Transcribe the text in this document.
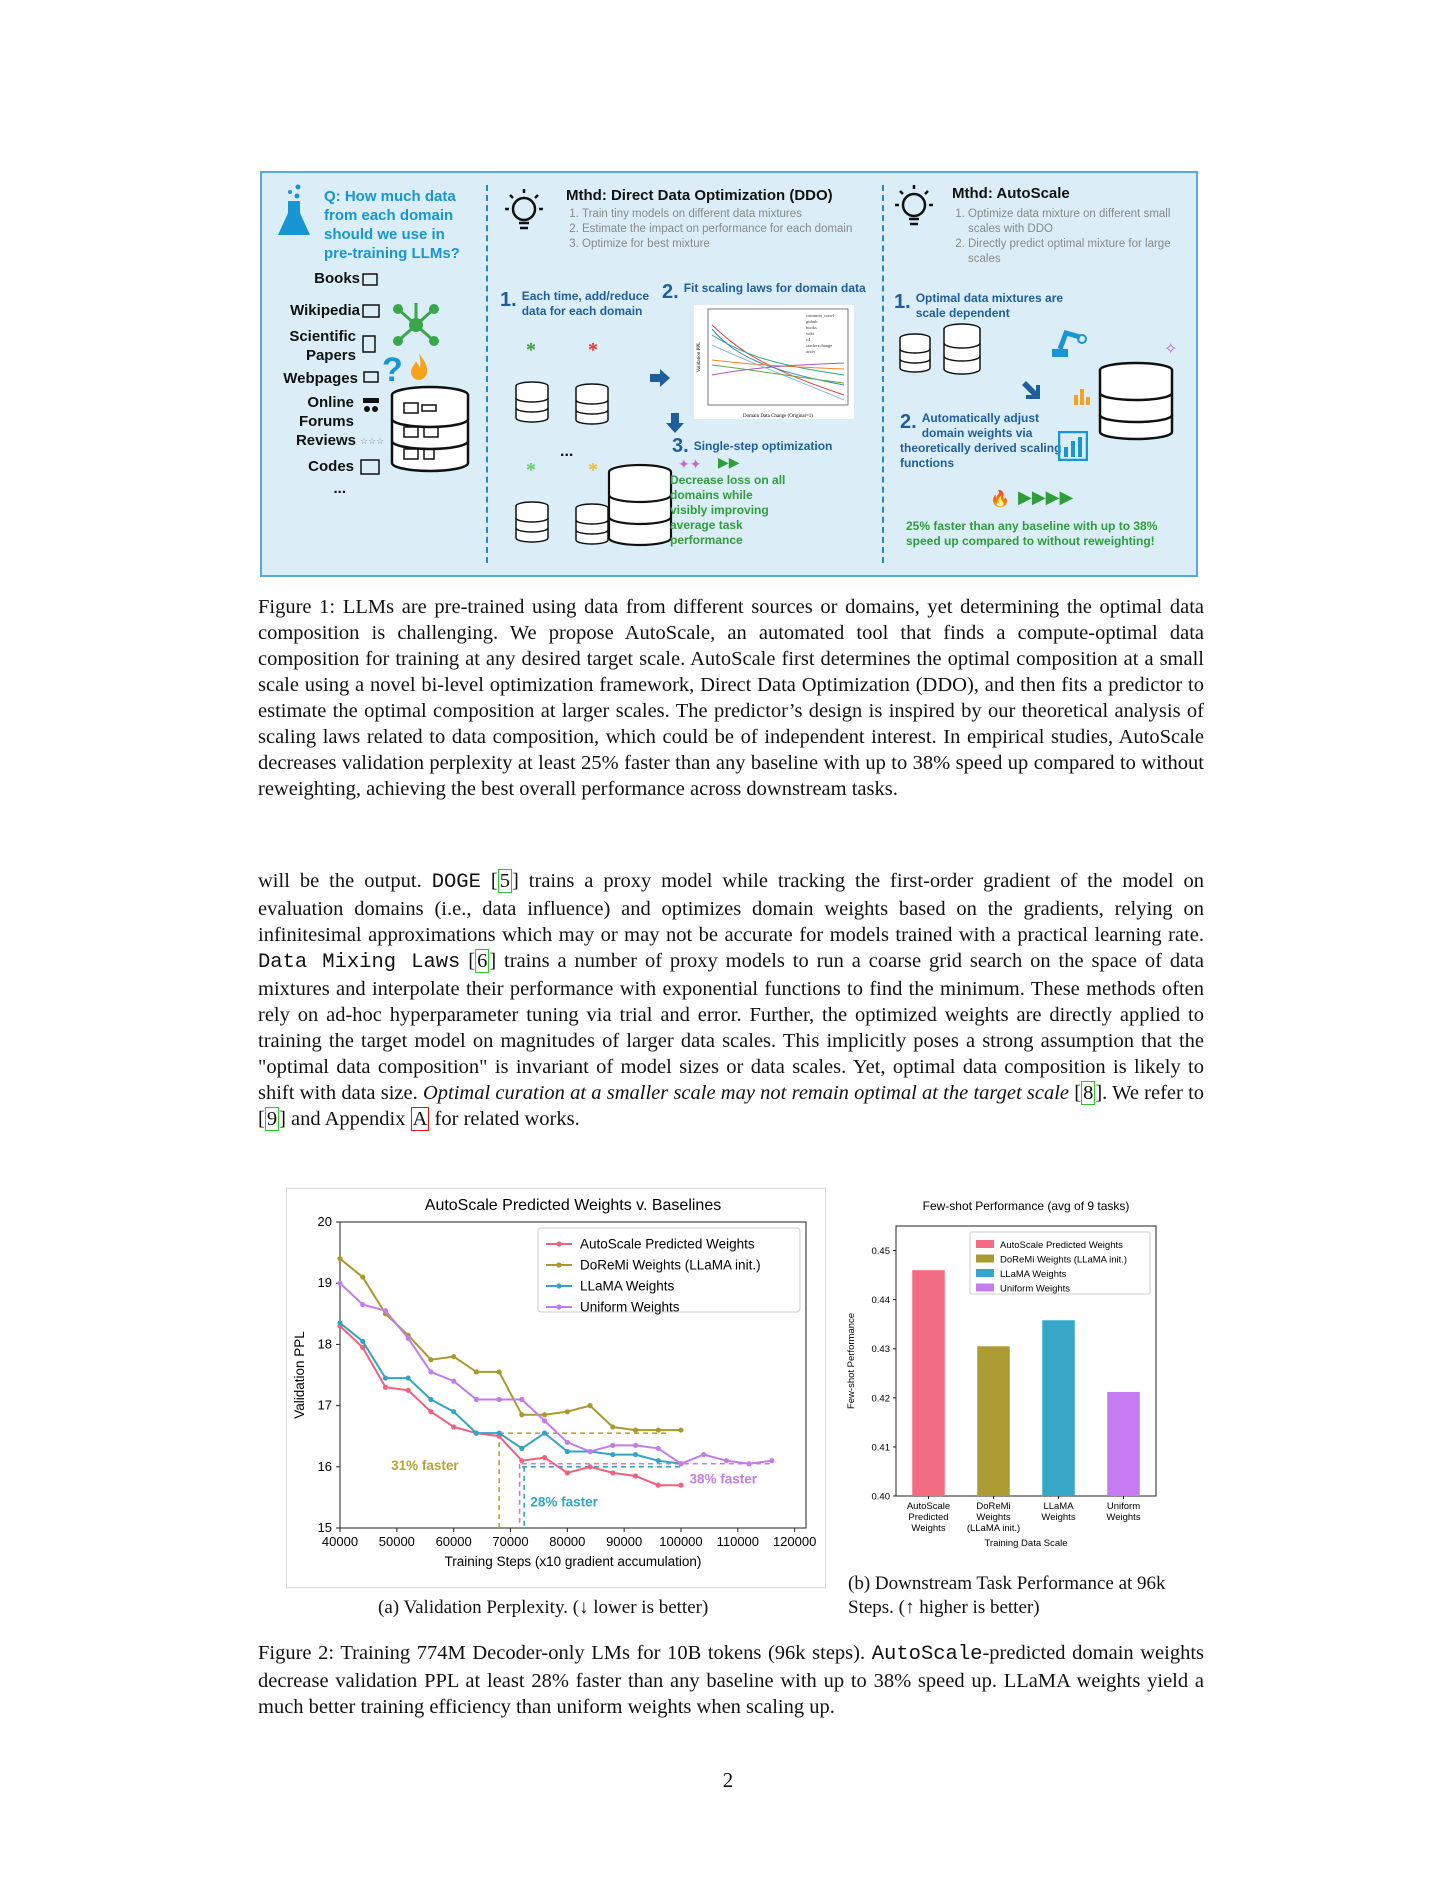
Q: How much data from each domain should we use in pre-training LLMs?
Books
Wikipedia
Scientific Papers
Webpages
Online Forums
Reviews
Codes
...
☆☆☆
?
Mthd: Direct Data Optimization (DDO)
1. Train tiny models on different data mixtures
2. Estimate the impact on performance for each domain
3. Optimize for best mixture
1. Each time, add/reduce data for each domain
2. Fit scaling laws for domain data
Domain Data Change (Original=1)
Validation PPL
common_crawl
github
books
wiki
c4
stackexchange
arxiv
*	*
*	*
...	3. Single-step optimization
✦✦ ▶▶
Decrease loss on all domains while visibly improving average task performance
Mthd: AutoScale
1. Optimize data mixture on different small scales with DDO
2. Directly predict optimal mixture for large scales
1. Optimal data mixtures are scale dependent
✧
2. Automatically adjust domain weights via theoretically derived scaling functions
🔥 ▶▶▶▶
25% faster than any baseline with up to 38% speed up compared to without reweighting!
Figure 1: LLMs are pre-trained using data from different sources or domains, yet determining the optimal data composition is challenging. We propose AutoScale, an automated tool that finds a compute-optimal data composition for training at any desired target scale. AutoScale first determines the optimal composition at a small scale using a novel bi-level optimization framework, Direct Data Optimization (DDO), and then fits a predictor to estimate the optimal composition at larger scales. The predictor’s design is inspired by our theoretical analysis of scaling laws related to data composition, which could be of independent interest. In empirical studies, AutoScale decreases validation perplexity at least 25% faster than any baseline with up to 38% speed up compared to without reweighting, achieving the best overall performance across downstream tasks.
will be the output. DOGE [5] trains a proxy model while tracking the first-order gradient of the model on evaluation domains (i.e., data influence) and optimizes domain weights based on the gradients, relying on infinitesimal approximations which may or may not be accurate for models trained with a practical learning rate. Data Mixing Laws [6] trains a number of proxy models to run a coarse grid search on the space of data mixtures and interpolate their performance with exponential functions to find the minimum. These methods often rely on ad-hoc hyperparameter tuning via trial and error. Further, the optimized weights are directly applied to training the target model on magnitudes of larger data scales. This implicitly poses a strong assumption that the "optimal data composition" is invariant of model sizes or data scales. Yet, optimal data composition is likely to shift with data size. Optimal curation at a smaller scale may not remain optimal at the target scale [8]. We refer to [9] and Appendix A for related works.
AutoScale Predicted Weights v. Baselines
40000 50000 60000 70000 80000 90000 100000 110000 120000
15
16
17
18
19
20
Training Steps (x10 gradient accumulation)
Validation PPL
31% faster
28% faster
38% faster
AutoScale Predicted Weights
DoReMi Weights (LLaMA init.)
LLaMA Weights
Uniform Weights
(a) Validation Perplexity. (↓ lower is better)
Few-shot Performance (avg of 9 tasks)
0.40
0.41
0.42
0.43
0.44
0.45
Few-shot Performance
AutoScale
Predicted
Weights
DoReMi
Weights
(LLaMA init.)
LLaMA
Weights
Uniform
Weights
Training Data Scale
AutoScale Predicted Weights
DoReMi Weights (LLaMA init.)
LLaMA Weights
Uniform Weights
(b) Downstream Task Performance at 96k Steps. (↑ higher is better)
Figure 2: Training 774M Decoder-only LMs for 10B tokens (96k steps). AutoScale-predicted domain weights decrease validation PPL at least 28% faster than any baseline with up to 38% speed up. LLaMA weights yield a much better training efficiency than uniform weights when scaling up.
2
